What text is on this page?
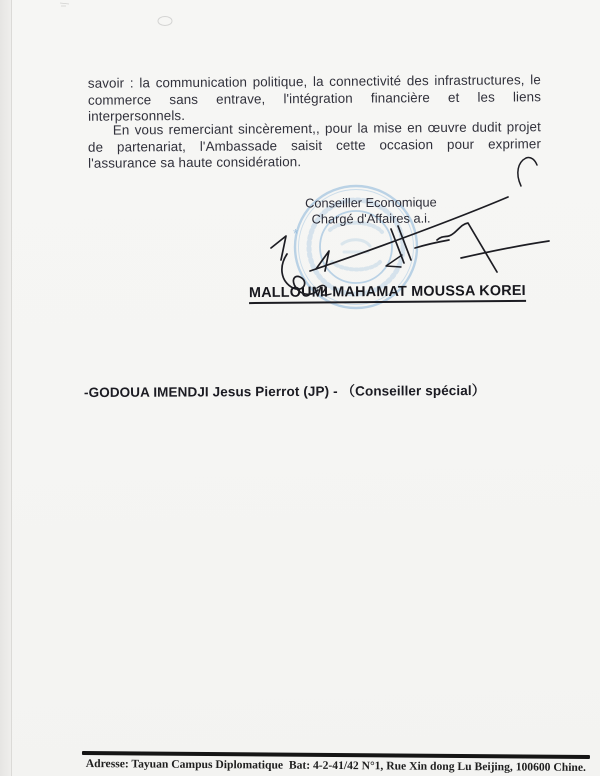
*

savoir : la communication politique, la connectivité des infrastructures, le commerce sans entrave, l'intégration financière et les liens interpersonnels.

En vous remerciant sincèrement,, pour la mise en œuvre dudit projet de partenariat, l'Ambassade saisit cette occasion pour exprimer l'assurance sa haute considération.

Conseiller Economique
Chargé d'Affaires a.i.
MALLOUMI MAHAMAT MOUSSA KOREI
-GODOUA IMENDJI Jesus Pierrot (JP) - （Conseiller spécial）
Adresse: Tayuan Campus Diplomatique  Bat: 4-2-41/42 N°1, Rue Xin dong Lu Beijing, 100600 Chine.
